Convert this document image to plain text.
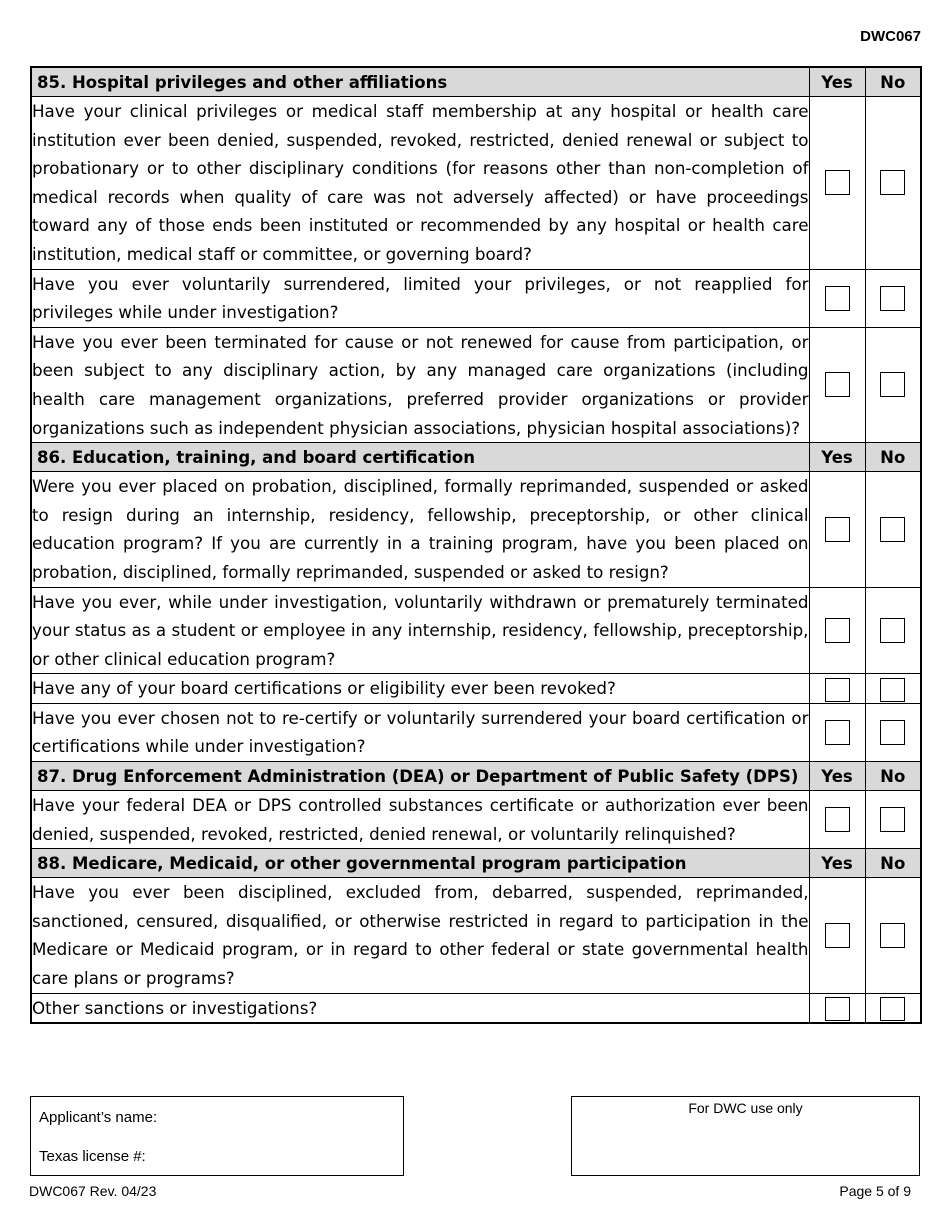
DWC067
85. Hospital privileges and other affiliations	Yes	No
Have your clinical privileges or medical staff membership at any hospital or health care institution ever been denied, suspended, revoked, restricted, denied renewal or subject to probationary or to other disciplinary conditions (for reasons other than non-completion of medical records when quality of care was not adversely affected) or have proceedings toward any of those ends been instituted or recommended by any hospital or health care institution, medical staff or committee, or governing board?		
Have you ever voluntarily surrendered, limited your privileges, or not reapplied for privileges while under investigation?		
Have you ever been terminated for cause or not renewed for cause from participation, or been subject to any disciplinary action, by any managed care organizations (including health care management organizations, preferred provider organizations or provider organizations such as independent physician associations, physician hospital associations)?		
86. Education, training, and board certification	Yes	No
Were you ever placed on probation, disciplined, formally reprimanded, suspended or asked to resign during an internship, residency, fellowship, preceptorship, or other clinical education program? If you are currently in a training program, have you been placed on probation, disciplined, formally reprimanded, suspended or asked to resign?		
Have you ever, while under investigation, voluntarily withdrawn or prematurely terminated your status as a student or employee in any internship, residency, fellowship, preceptorship, or other clinical education program?		
Have any of your board certifications or eligibility ever been revoked?		
Have you ever chosen not to re-certify or voluntarily surrendered your board certification or certifications while under investigation?		
87. Drug Enforcement Administration (DEA) or Department of Public Safety (DPS)	Yes	No
Have your federal DEA or DPS controlled substances certificate or authorization ever been denied, suspended, revoked, restricted, denied renewal, or voluntarily relinquished?		
88. Medicare, Medicaid, or other governmental program participation	Yes	No
Have you ever been disciplined, excluded from, debarred, suspended, reprimanded, sanctioned, censured, disqualified, or otherwise restricted in regard to participation in the Medicare or Medicaid program, or in regard to other federal or state governmental health care plans or programs?		
Other sanctions or investigations?		
Applicant’s name:
Texas license #:
For DWC use only
DWC067 Rev. 04/23	Page 5 of 9
